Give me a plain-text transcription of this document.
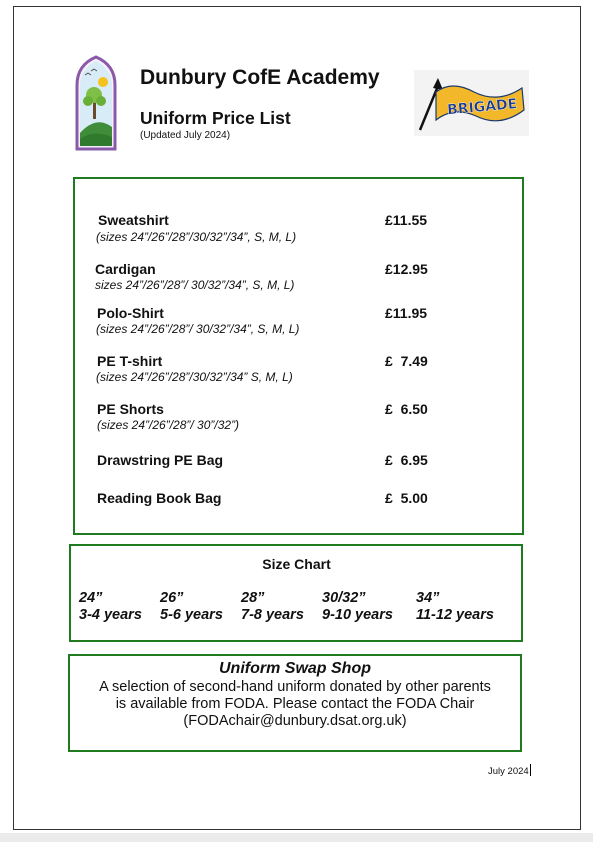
BRIGADE
Dunbury CofE Academy
Uniform Price List
(Updated July 2024)
Sweatshirt
(sizes 24”/26”/28”/30/32”/34”, S, M, L)
£11.55
Cardigan
sizes 24”/26”/28”/ 30/32”/34”, S, M, L)
£12.95
Polo-Shirt
(sizes 24”/26”/28”/ 30/32”/34”, S, M, L)
£11.95
PE T-shirt
(sizes 24”/26”/28”/30/32”/34” S, M, L)
£  7.49
PE Shorts
(sizes 24”/26”/28”/ 30”/32”)
£  6.50
Drawstring PE Bag	£  6.95
Reading Book Bag	£  5.00
Size Chart
24”
3-4 years
26”
5-6 years
28”
7-8 years
30/32”
9-10 years
34”
11-12 years
Uniform Swap Shop
A selection of second-hand uniform donated by other parents
is available from FODA. Please contact the FODA Chair
(FODAchair@dunbury.dsat.org.uk)
July 2024
